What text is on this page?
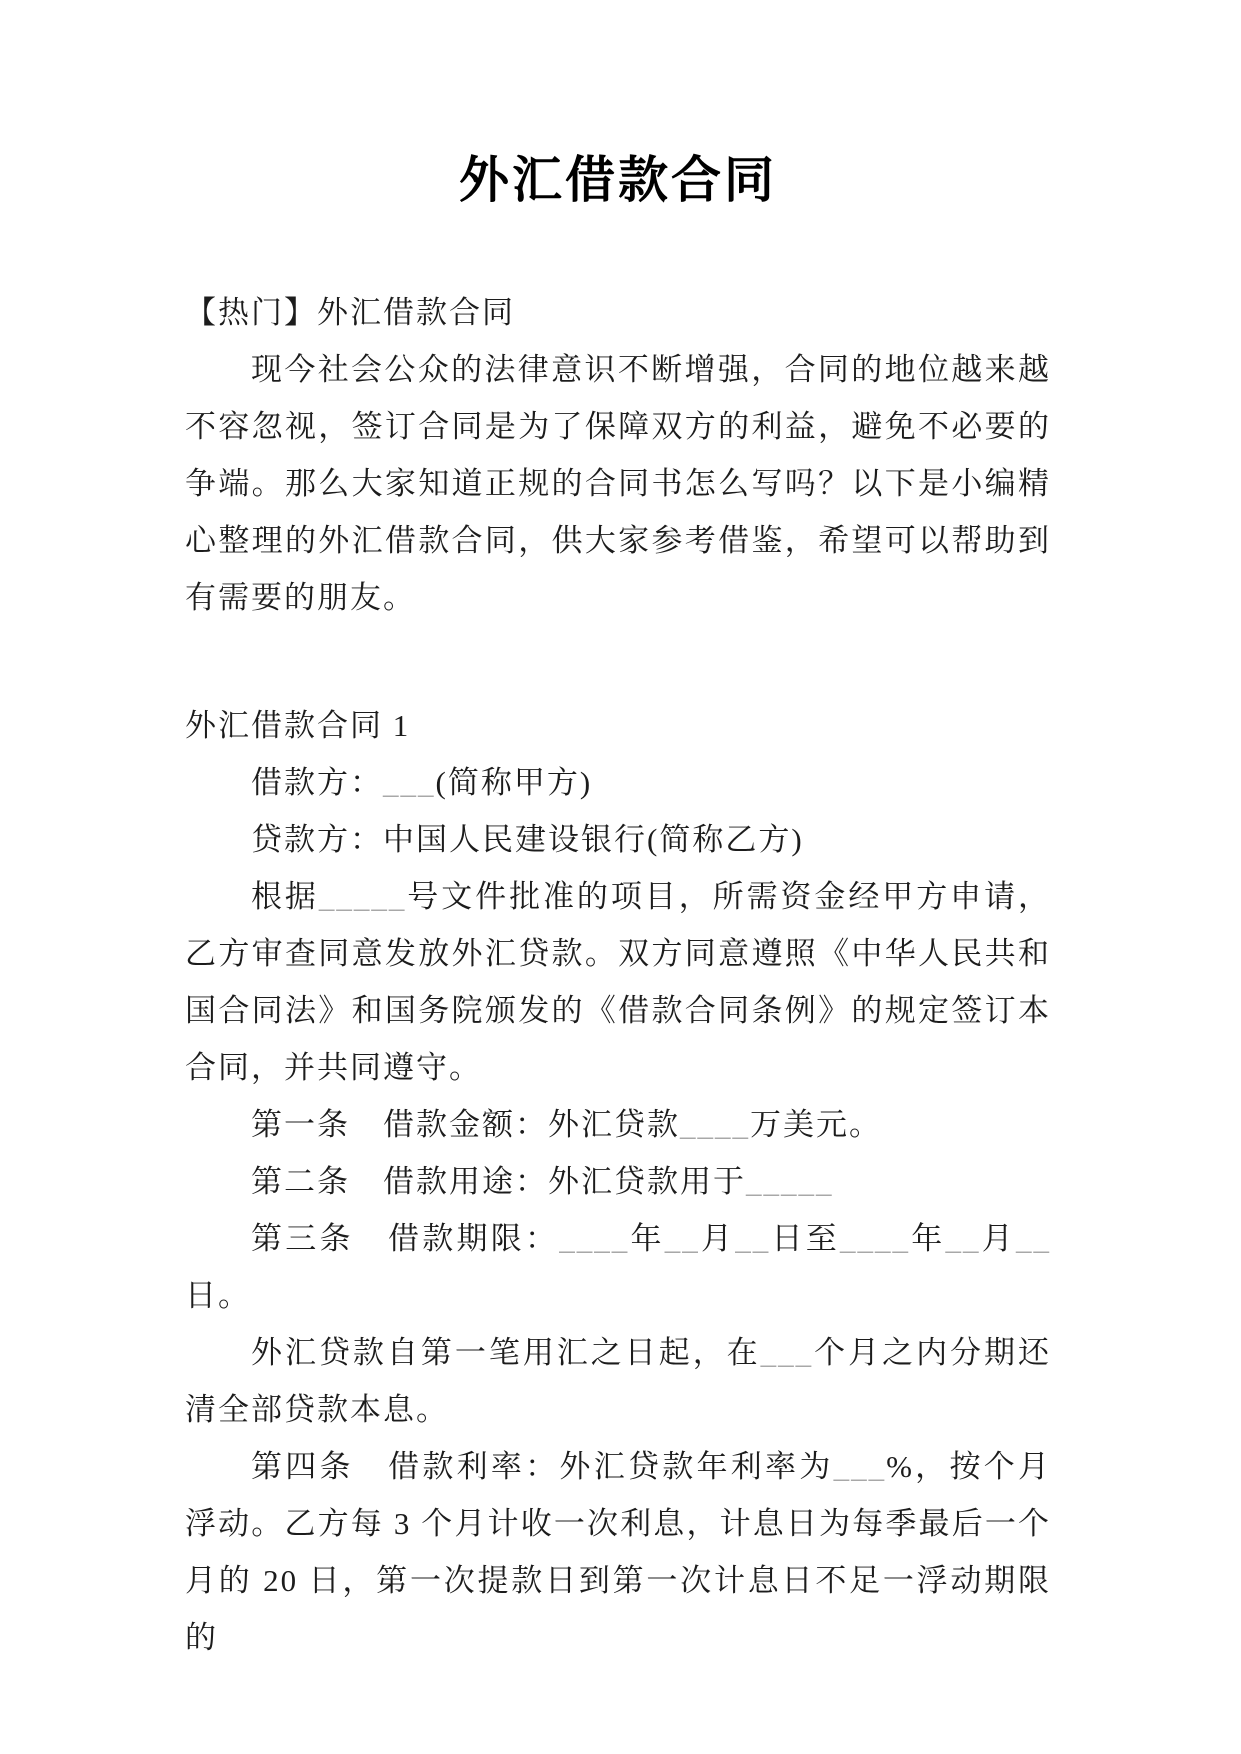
外汇借款合同

【热门】外汇借款合同

现今社会公众的法律意识不断增强，合同的地位越来越不容忽视，签订合同是为了保障双方的利益，避免不必要的争端。那么大家知道正规的合同书怎么写吗？以下是小编精心整理的外汇借款合同，供大家参考借鉴，希望可以帮助到有需要的朋友。

外汇借款合同 1

借款方：___(简称甲方)

贷款方：中国人民建设银行(简称乙方)

根据_____号文件批准的项目，所需资金经甲方申请，乙方审查同意发放外汇贷款。双方同意遵照《中华人民共和国合同法》和国务院颁发的《借款合同条例》的规定签订本合同，并共同遵守。

第一条　借款金额：外汇贷款____万美元。

第二条　借款用途：外汇贷款用于_____

第三条　借款期限：____年__月__日至____年__月__日。

外汇贷款自第一笔用汇之日起，在___个月之内分期还清全部贷款本息。

第四条　借款利率：外汇贷款年利率为___%，按个月浮动。乙方每 3 个月计收一次利息，计息日为每季最后一个月的 20 日，第一次提款日到第一次计息日不足一浮动期限的
